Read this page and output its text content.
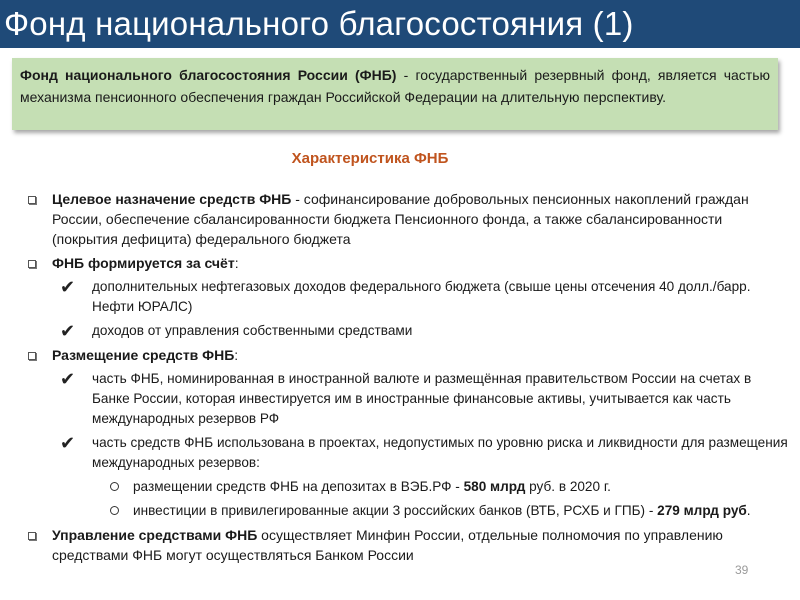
Фонд национального благосостояния (1)
Фонд национального благосостояния России (ФНБ) - государственный резервный фонд, является частью механизма пенсионного обеспечения граждан Российской Федерации на длительную перспективу.
Характеристика ФНБ
Целевое назначение средств ФНБ - софинансирование добровольных пенсионных накоплений граждан России, обеспечение сбалансированности бюджета Пенсионного фонда, а также сбалансированности (покрытия дефицита) федерального бюджета
ФНБ формируется за счёт:
✔ дополнительных нефтегазовых доходов федерального бюджета (свыше цены отсечения 40 долл./барр. Нефти ЮРАЛС)
✔ доходов от управления собственными средствами
Размещение средств ФНБ:
✔ часть ФНБ, номинированная в иностранной валюте и размещённая правительством России на счетах в Банке России, которая инвестируется им в иностранные финансовые активы, учитывается как часть международных резервов РФ
✔ часть средств ФНБ использована в проектах, недопустимых по уровню риска и ликвидности для размещения международных резервов:
размещении средств ФНБ на депозитах в ВЭБ.РФ - 580 млрд руб. в 2020 г.
инвестиции в привилегированные акции 3 российских банков (ВТБ, РСХБ и ГПБ) - 279 млрд руб.
Управление средствами ФНБ осуществляет Минфин России, отдельные полномочия по управлению средствами ФНБ могут осуществляться Банком России
39
